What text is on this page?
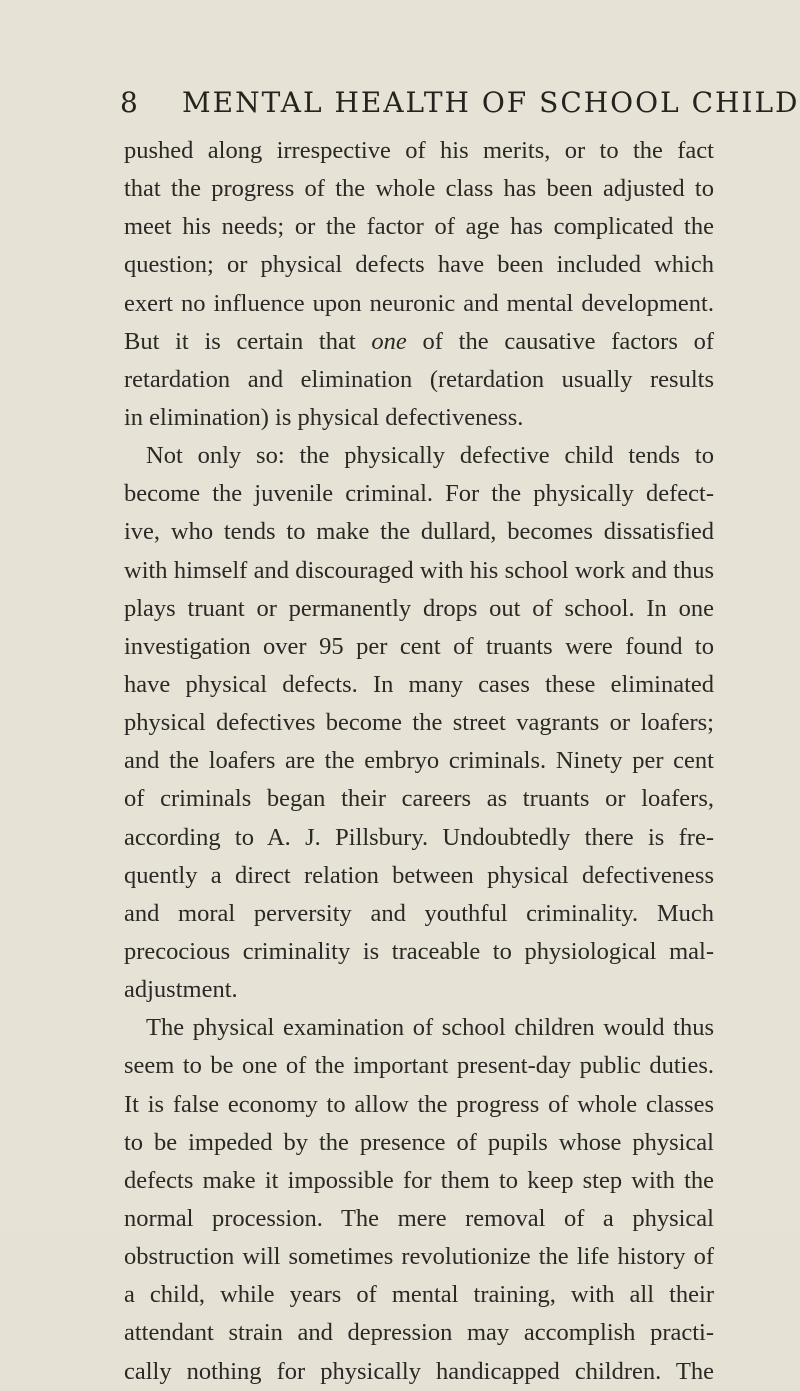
8 MENTAL HEALTH OF SCHOOL CHILD
pushed along irrespective of his merits, or to the fact
that the progress of the whole class has been adjusted to
meet his needs; or the factor of age has complicated the
question; or physical defects have been included which
exert no influence upon neuronic and mental development.
But it is certain that one of the causative factors of
retardation and elimination (retardation usually results
in elimination) is physical defectiveness.
Not only so: the physically defective child tends to
become the juvenile criminal. For the physically defect-
ive, who tends to make the dullard, becomes dissatisfied
with himself and discouraged with his school work and thus
plays truant or permanently drops out of school. In one
investigation over 95 per cent of truants were found to
have physical defects. In many cases these eliminated
physical defectives become the street vagrants or loafers;
and the loafers are the embryo criminals. Ninety per cent
of criminals began their careers as truants or loafers,
according to A. J. Pillsbury. Undoubtedly there is fre-
quently a direct relation between physical defectiveness
and moral perversity and youthful criminality. Much
precocious criminality is traceable to physiological mal-
adjustment.
The physical examination of school children would thus
seem to be one of the important present-day public duties.
It is false economy to allow the progress of whole classes
to be impeded by the presence of pupils whose physical
defects make it impossible for them to keep step with the
normal procession. The mere removal of a physical
obstruction will sometimes revolutionize the life history of
a child, while years of mental training, with all their
attendant strain and depression may accomplish practi-
cally nothing for physically handicapped children. The
